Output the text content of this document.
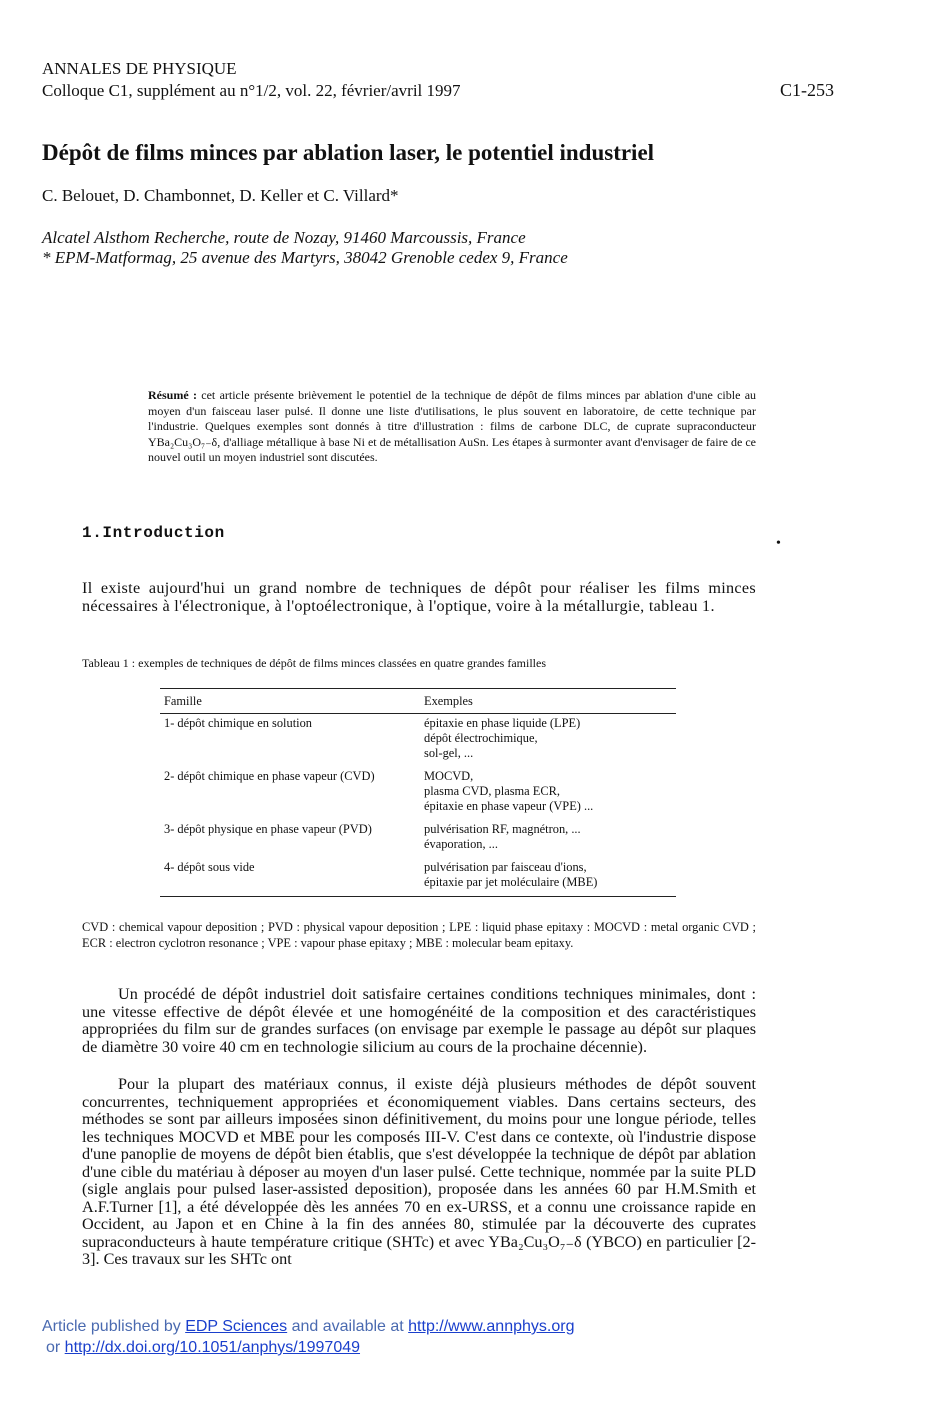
ANNALES DE PHYSIQUE
Colloque C1, supplément au n°1/2, vol. 22, février/avril 1997	C1-253
Dépôt de films minces par ablation laser, le potentiel industriel
C. Belouet, D. Chambonnet, D. Keller et C. Villard*
Alcatel Alsthom Recherche, route de Nozay, 91460 Marcoussis, France
* EPM-Matformag, 25 avenue des Martyrs, 38042 Grenoble cedex 9, France
Résumé : cet article présente brièvement le potentiel de la technique de dépôt de films minces par ablation d'une cible au moyen d'un faisceau laser pulsé. Il donne une liste d'utilisations, le plus souvent en laboratoire, de cette technique par l'industrie. Quelques exemples sont donnés à titre d'illustration : films de carbone DLC, de cuprate supraconducteur YBa₂Cu₃O₇₋δ, d'alliage métallique à base Ni et de métallisation AuSn. Les étapes à surmonter avant d'envisager de faire de ce nouvel outil un moyen industriel sont discutées.
1.Introduction
•
Il existe aujourd'hui un grand nombre de techniques de dépôt pour réaliser les films minces nécessaires à l'électronique, à l'optoélectronique, à l'optique, voire à la métallurgie, tableau 1.
Tableau 1 : exemples de techniques de dépôt de films minces classées en quatre grandes familles
Famille	Exemples
1- dépôt chimique en solution	épitaxie en phase liquide (LPE)
dépôt électrochimique,
sol-gel, ...
2- dépôt chimique en phase vapeur (CVD)	MOCVD,
plasma CVD, plasma ECR,
épitaxie en phase vapeur (VPE) ...
3- dépôt physique en phase vapeur (PVD)	pulvérisation RF, magnétron, ...
évaporation, ...
4- dépôt sous vide	pulvérisation par faisceau d'ions,
épitaxie par jet moléculaire (MBE)
CVD : chemical vapour deposition ; PVD : physical vapour deposition ; LPE : liquid phase epitaxy : MOCVD : metal organic CVD ; ECR : electron cyclotron resonance ; VPE : vapour phase epitaxy ; MBE : molecular beam epitaxy.
Un procédé de dépôt industriel doit satisfaire certaines conditions techniques minimales, dont : une vitesse effective de dépôt élevée et une homogénéité de la composition et des caractéristiques appropriées du film sur de grandes surfaces (on envisage par exemple le passage au dépôt sur plaques de diamètre 30 voire 40 cm en technologie silicium au cours de la prochaine décennie).
Pour la plupart des matériaux connus, il existe déjà plusieurs méthodes de dépôt souvent concurrentes, techniquement appropriées et économiquement viables. Dans certains secteurs, des méthodes se sont par ailleurs imposées sinon définitivement, du moins pour une longue période, telles les techniques MOCVD et MBE pour les composés III-V. C'est dans ce contexte, où l'industrie dispose d'une panoplie de moyens de dépôt bien établis, que s'est développée la technique de dépôt par ablation d'une cible du matériau à déposer au moyen d'un laser pulsé. Cette technique, nommée par la suite PLD (sigle anglais pour pulsed laser-assisted deposition), proposée dans les années 60 par H.M.Smith et A.F.Turner [1], a été développée dès les années 70 en ex-URSS, et a connu une croissance rapide en Occident, au Japon et en Chine à la fin des années 80, stimulée par la découverte des cuprates supraconducteurs à haute température critique (SHTc) et avec YBa₂Cu₃O₇₋δ (YBCO) en particulier [2-3]. Ces travaux sur les SHTc ont
Article published by EDP Sciences and available at http://www.annphys.org
or http://dx.doi.org/10.1051/anphys/1997049
